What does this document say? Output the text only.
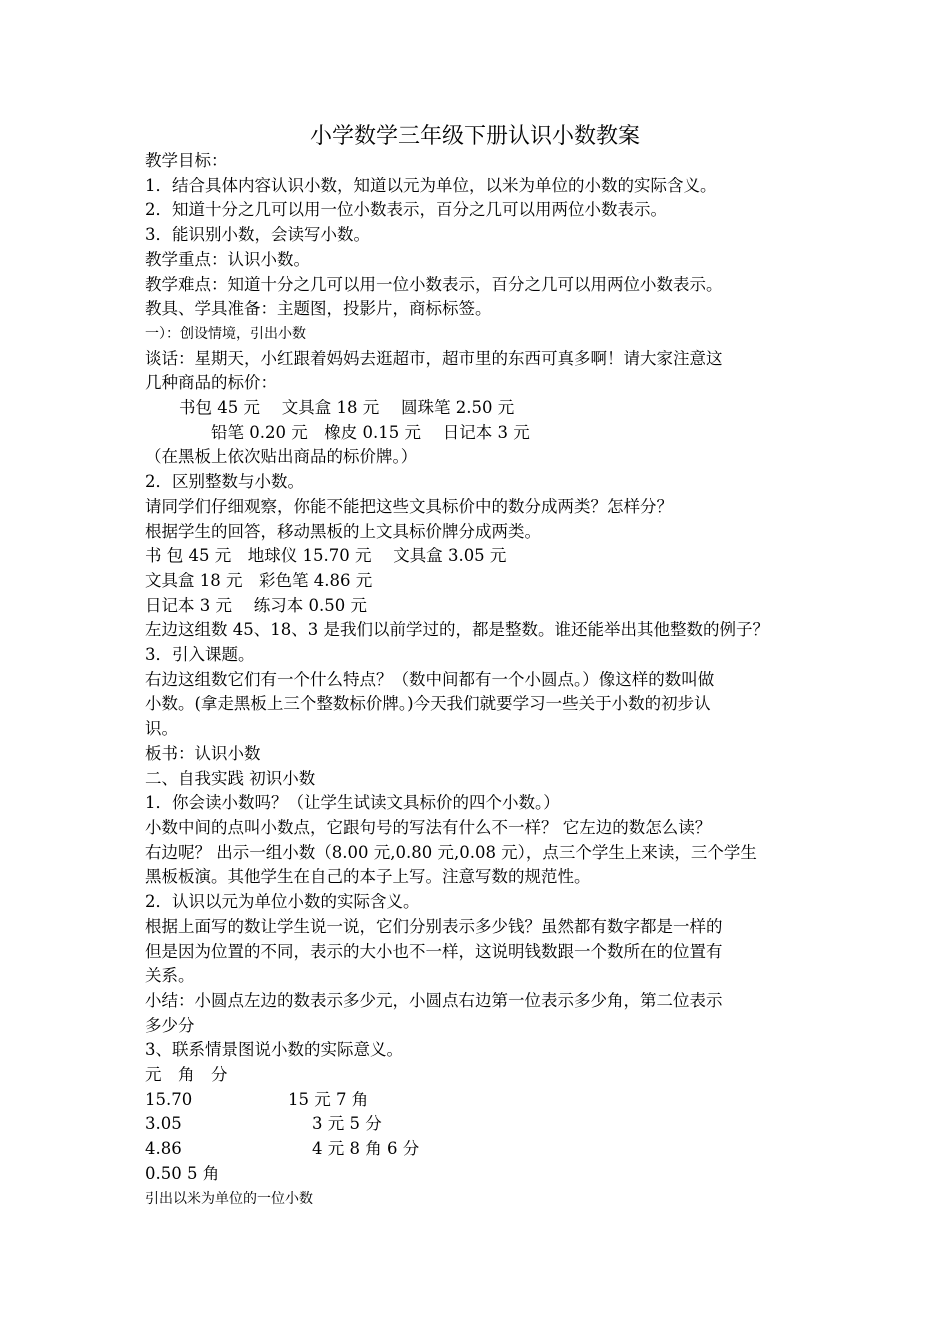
小学数学三年级下册认识小数教案
教学目标：
1．结合具体内容认识小数，知道以元为单位，以米为单位的小数的实际含义。
2．知道十分之几可以用一位小数表示，百分之几可以用两位小数表示。
3．能识别小数，会读写小数。
教学重点：认识小数。
教学难点：知道十分之几可以用一位小数表示，百分之几可以用两位小数表示。
教具、学具准备：主题图，投影片，商标标签。
一）：创设情境，引出小数
谈话：星期天，小红跟着妈妈去逛超市，超市里的东西可真多啊！请大家注意这
几种商品的标价：
书包 45 元　 文具盒 18 元　 圆珠笔 2.50 元
铅笔 0.20 元　橡皮 0.15 元　 日记本 3 元
（在黑板上依次贴出商品的标价牌。）
2．区别整数与小数。
请同学们仔细观察，你能不能把这些文具标价中的数分成两类？怎样分？
根据学生的回答，移动黑板的上文具标价牌分成两类。
书 包 45 元　地球仪 15.70 元　 文具盒 3.05 元
文具盒 18 元　彩色笔 4.86 元
日记本 3 元　 练习本 0.50 元
左边这组数 45、18、3 是我们以前学过的，都是整数。谁还能举出其他整数的例子？
3．引入课题。
右边这组数它们有一个什么特点？（数中间都有一个小圆点。）像这样的数叫做
小数。(拿走黑板上三个整数标价牌。)今天我们就要学习一些关于小数的初步认
识。
板书：认识小数
二、自我实践 初识小数
1．你会读小数吗？（让学生试读文具标价的四个小数。）
小数中间的点叫小数点，它跟句号的写法有什么不一样？ 它左边的数怎么读？
右边呢？ 出示一组小数（8.00 元,0.80 元,0.08 元），点三个学生上来读，三个学生
黑板板演。其他学生在自己的本子上写。注意写数的规范性。
2．认识以元为单位小数的实际含义。
根据上面写的数让学生说一说，它们分别表示多少钱？虽然都有数字都是一样的
但是因为位置的不同，表示的大小也不一样，这说明钱数跟一个数所在的位置有
关系。
小结：小圆点左边的数表示多少元，小圆点右边第一位表示多少角，第二位表示
多少分
3、联系情景图说小数的实际意义。
元　角　分
15.70	15 元 7 角
3.05	3 元 5 分
4.86	4 元 8 角 6 分
0.50 5 角
引出以米为单位的一位小数
